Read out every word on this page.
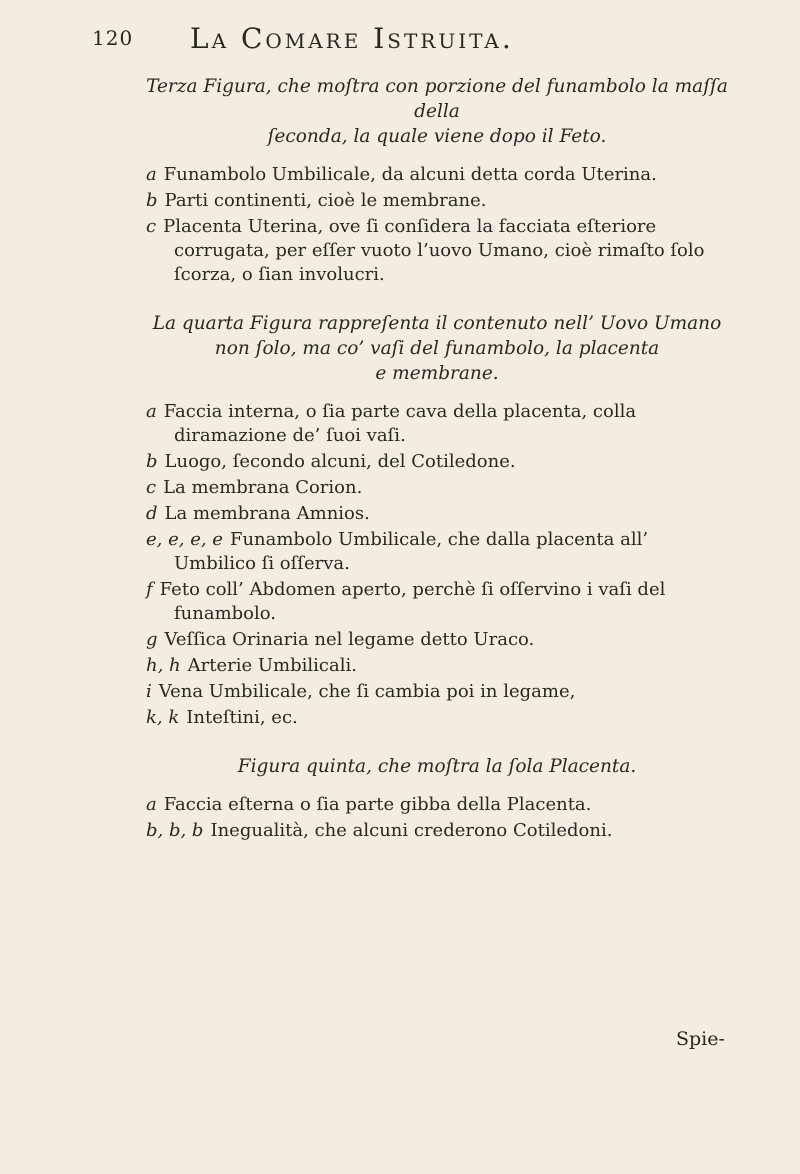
120 La Comare Istruita.

Terza Figura, che moſtra con porzione del funambolo la maſſa della
ſeconda, la quale viene dopo il Feto.

a Funambolo Umbilicale, da alcuni detta corda Uterina.
b Parti continenti, cioè le membrane.
c Placenta Uterina, ove ſi conſidera la facciata eſteriore corrugata, per eſſer vuoto l’uovo Umano, cioè rimaſto ſolo ſcorza, o ſian involucri.

La quarta Figura rappreſenta il contenuto nell’ Uovo Umano
non ſolo, ma co’ vaſi del funambolo, la placenta
e membrane.

a Faccia interna, o ſia parte cava della placenta, colla diramazione de’ ſuoi vaſi.
b Luogo, ſecondo alcuni, del Cotiledone.
c La membrana Corion.
d La membrana Amnios.
e, e, e, e Funambolo Umbilicale, che dalla placenta all’ Umbilico ſi oſſerva.
f Feto coll’ Abdomen aperto, perchè ſi oſſervino i vaſi del funambolo.
g Veſſica Orinaria nel legame detto Uraco.
h, h Arterie Umbilicali.
i Vena Umbilicale, che ſi cambia poi in legame,
k, k Inteſtini, ec.

Figura quinta, che moſtra la ſola Placenta.

a Faccia eſterna o ſia parte gibba della Placenta.
b, b, b Inegualità, che alcuni crederono Cotiledoni.
Spie-
